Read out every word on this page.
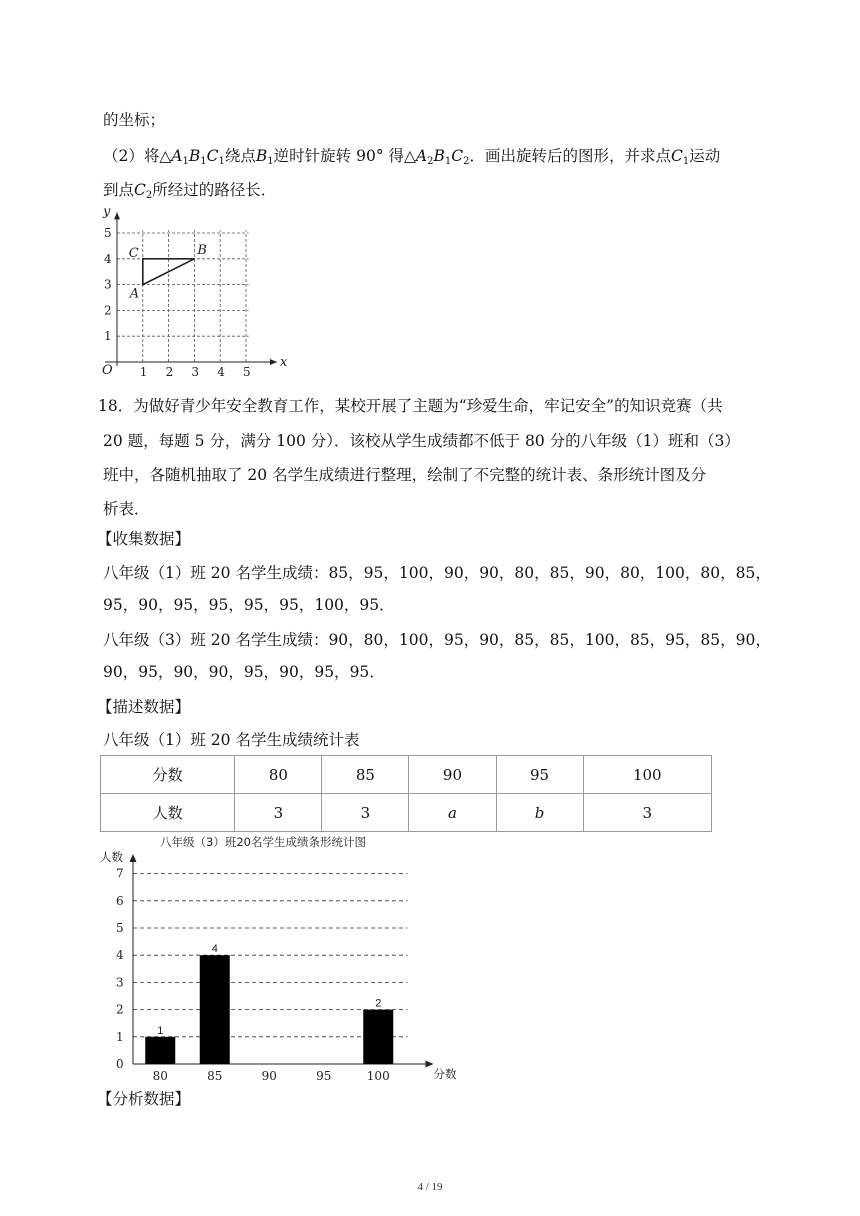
的坐标；
（2）将$\triangle A_1B_1C_1$绕点$B_1$逆时针旋转 90° 得$\triangle A_2B_1C_2$．画出旋转后的图形，并求点$C_1$运动
到点$C_2$所经过的路径长．
x
y
O 1 2 3 4 5
1
2
3
4
5
A
B
C
18．为做好青少年安全教育工作，某校开展了主题为“珍爱生命，牢记安全”的知识竞赛（共
20 题，每题 5 分，满分 100 分）．该校从学生成绩都不低于 80 分的八年级（1）班和（3）
班中，各随机抽取了 20 名学生成绩进行整理，绘制了不完整的统计表、条形统计图及分
析表．
【收集数据】
八年级（1）班 20 名学生成绩：85，95，100，90，90，80，85，90，80，100，80，85，
95，90，95，95，95，95，100，95．
八年级（3）班 20 名学生成绩：90，80，100，95，90，85，85，100，85，95，85，90，
90，95，90，90，95，90，95，95．
【描述数据】
八年级（1）班 20 名学生成绩统计表
分数	80	85	90	95	100
人数	3	3	a	b	3
八年级（3）班20名学生成绩条形统计图
人数
分数
0
1
2
3
4
5
6
7
80	85	90	95	100
1
4
2
【分析数据】
4 / 19
